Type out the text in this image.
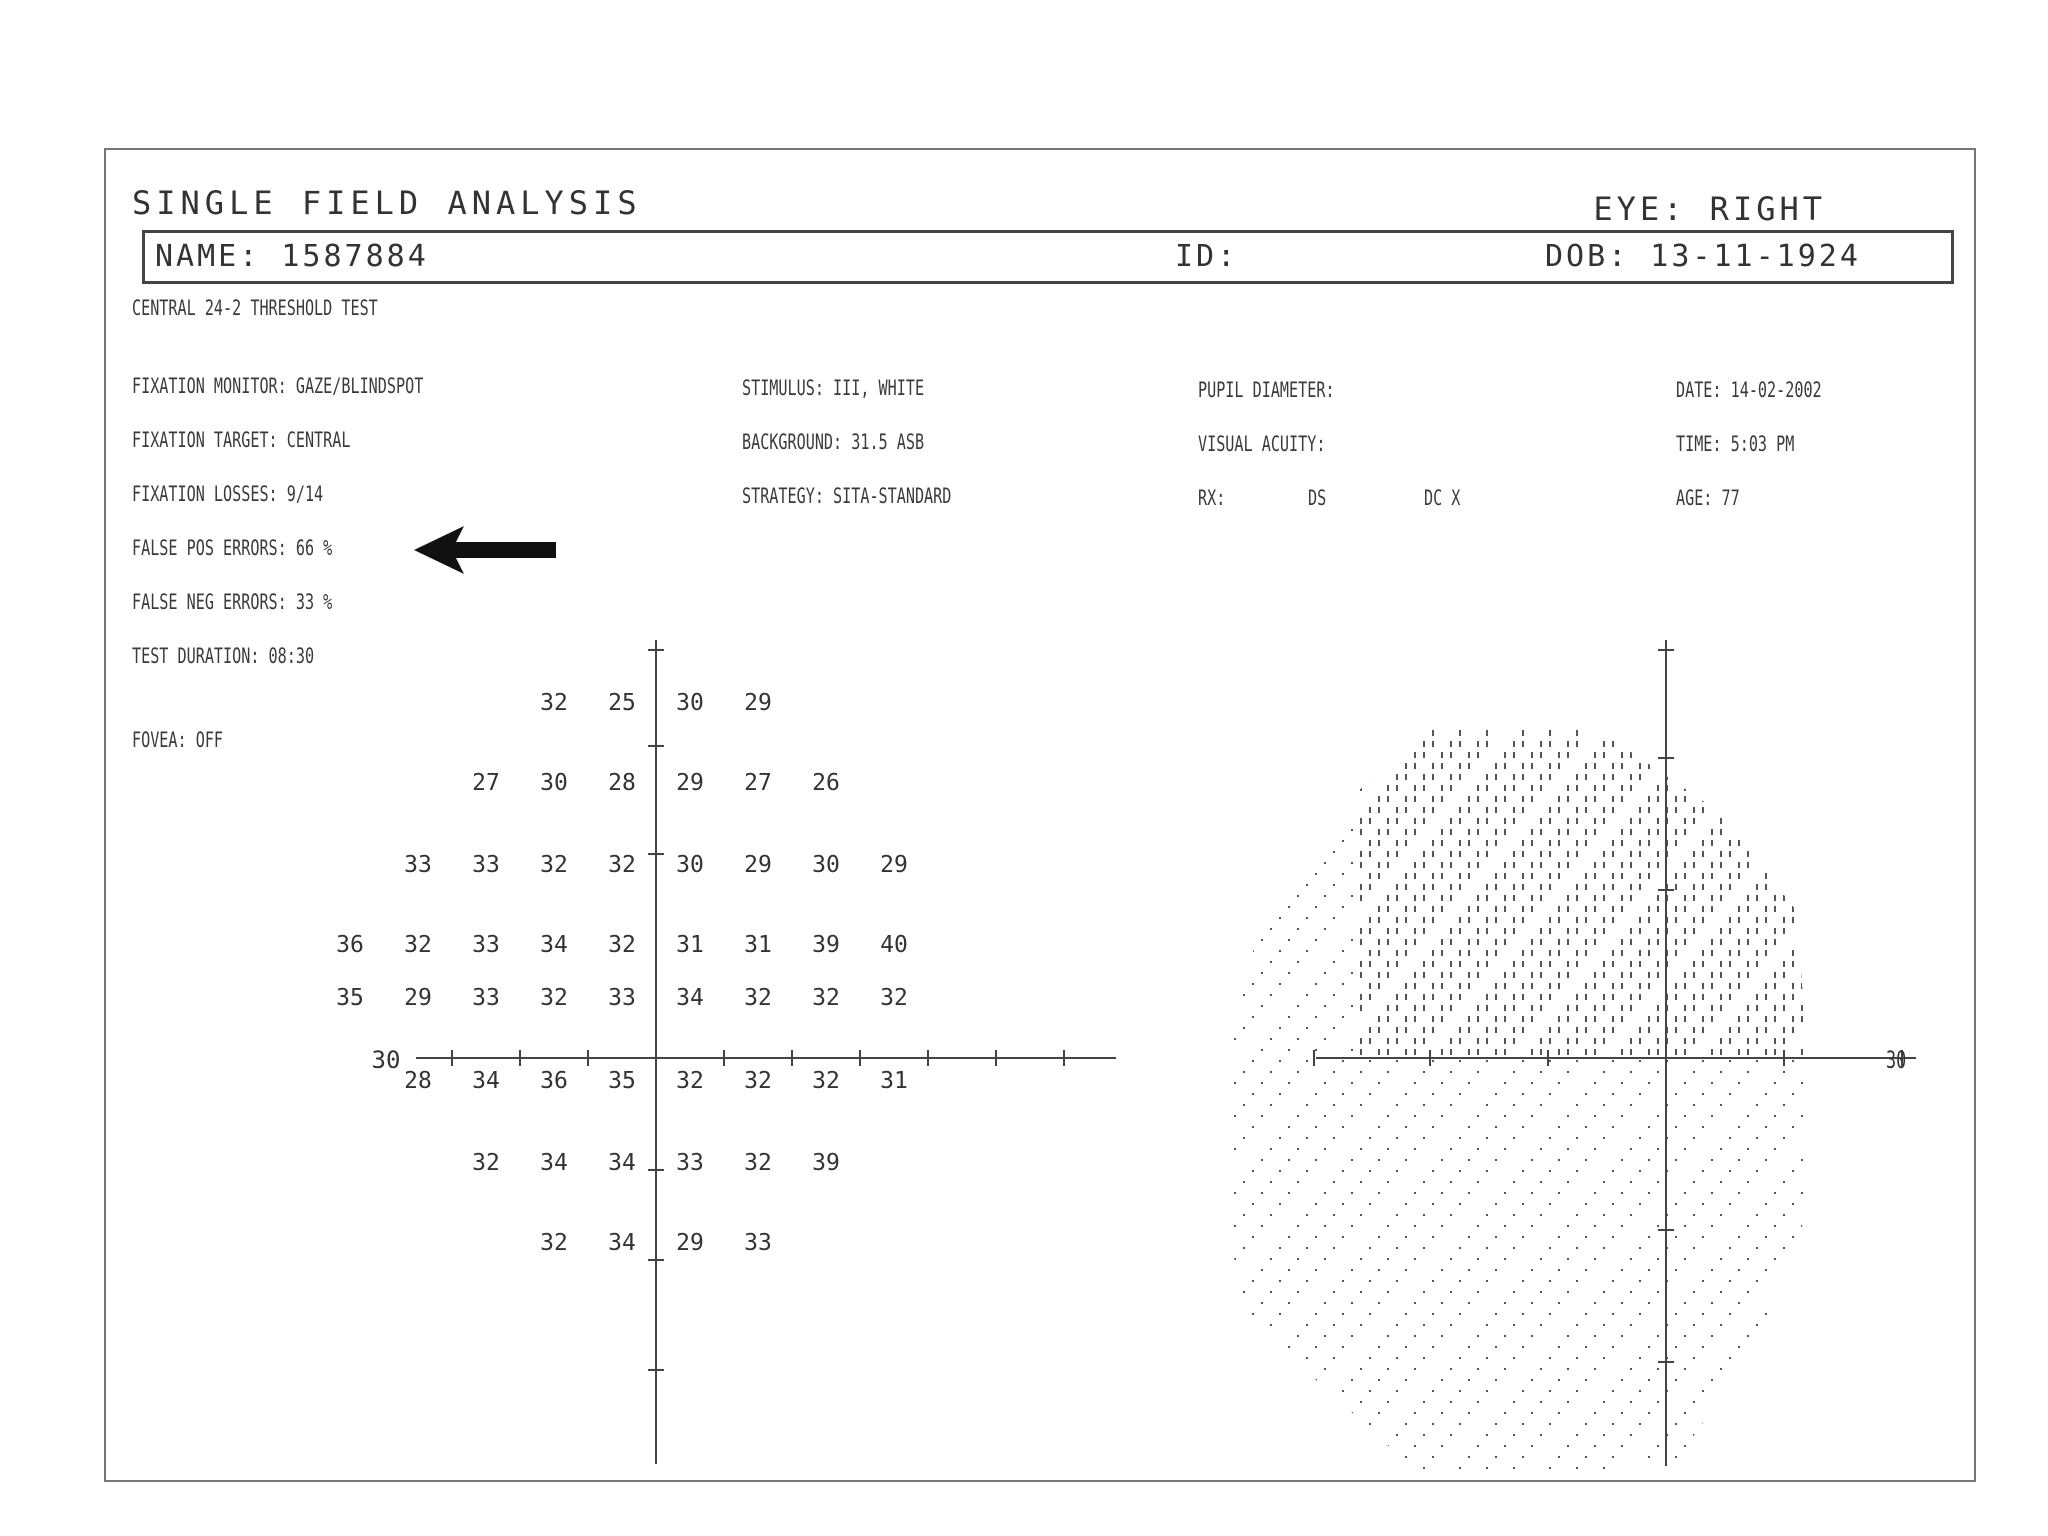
SINGLE FIELD ANALYSIS	EYE: RIGHT
NAME: 1587884	ID:	DOB: 13-11-1924
CENTRAL 24-2 THRESHOLD TEST
FIXATION MONITOR: GAZE/BLINDSPOT
FIXATION TARGET: CENTRAL
FIXATION LOSSES: 9/14
FALSE POS ERRORS: 66 %
FALSE NEG ERRORS: 33 %
TEST DURATION: 08:30
FOVEA: OFF
STIMULUS: III, WHITE
BACKGROUND: 31.5 ASB
STRATEGY: SITA-STANDARD
PUPIL DIAMETER:
VISUAL ACUITY:
RX:	DS	DC X
DATE: 14-02-2002
TIME: 5:03 PM
AGE: 77
30
32 25 30 29
27 30 28 29 27 26
33 33 32 32 30 29 30 29
36 32 33 34 32 31 31 39 40
35 29 33 32 33 34 32 32 32
28 34 36 35 32 32 32 31
32 34 34 33 32 39
32 34 29 33
30
